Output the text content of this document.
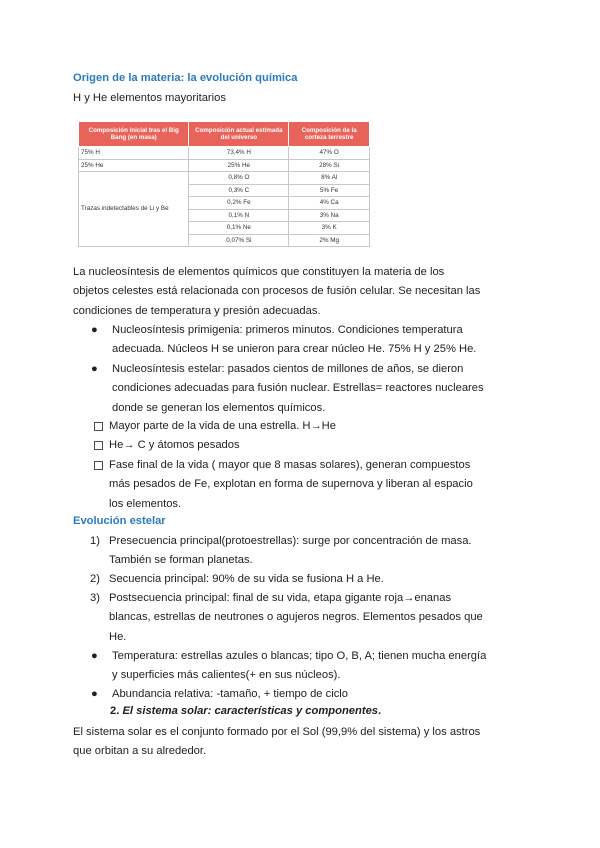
Origen de la materia: la evolución química
H y He elementos mayoritarios
Composición inicial tras el Big Bang (en masa)	Composición actual estimada del universo	Composición de la corteza terrestre
75% H	73,4% H	47% O
25% He	25% He	28% Si
Trazas indetectables de Li y Be	0,8% O	8% Al
	0,3% C	5% Fe
	0,2% Fe	4% Ca
	0,1% N	3% Na
	0,1% Ne	3% K
	0,07% Si	2% Mg
La nucleosíntesis de elementos químicos que constituyen la materia de los
objetos celestes está relacionada con procesos de fusión celular. Se necesitan las
condiciones de temperatura y presión adecuadas.
● Nucleosíntesis primigenia: primeros minutos. Condiciones temperatura
adecuada. Núcleos H se unieron para crear núcleo He. 75% H y 25% He.
● Nucleosíntesis estelar: pasados cientos de millones de años, se dieron
condiciones adecuadas para fusión nuclear. Estrellas= reactores nucleares
donde se generan los elementos químicos.
Mayor parte de la vida de una estrella. H→He
He→ C y átomos pesados
Fase final de la vida ( mayor que 8 masas solares), generan compuestos
más pesados de Fe, explotan en forma de supernova y liberan al espacio
los elementos.
Evolución estelar
1) Presecuencia principal(protoestrellas): surge por concentración de masa.
También se forman planetas.
2) Secuencia principal: 90% de su vida se fusiona H a He.
3) Postsecuencia principal: final de su vida, etapa gigante roja→enanas
blancas, estrellas de neutrones o agujeros negros. Elementos pesados que
He.
● Temperatura: estrellas azules o blancas; tipo O, B, A; tienen mucha energía
y superficies más calientes(+ en sus núcleos).
● Abundancia relativa: -tamaño, + tiempo de ciclo
2. El sistema solar: características y componentes.
El sistema solar es el conjunto formado por el Sol (99,9% del sistema) y los astros
que orbitan a su alrededor.
